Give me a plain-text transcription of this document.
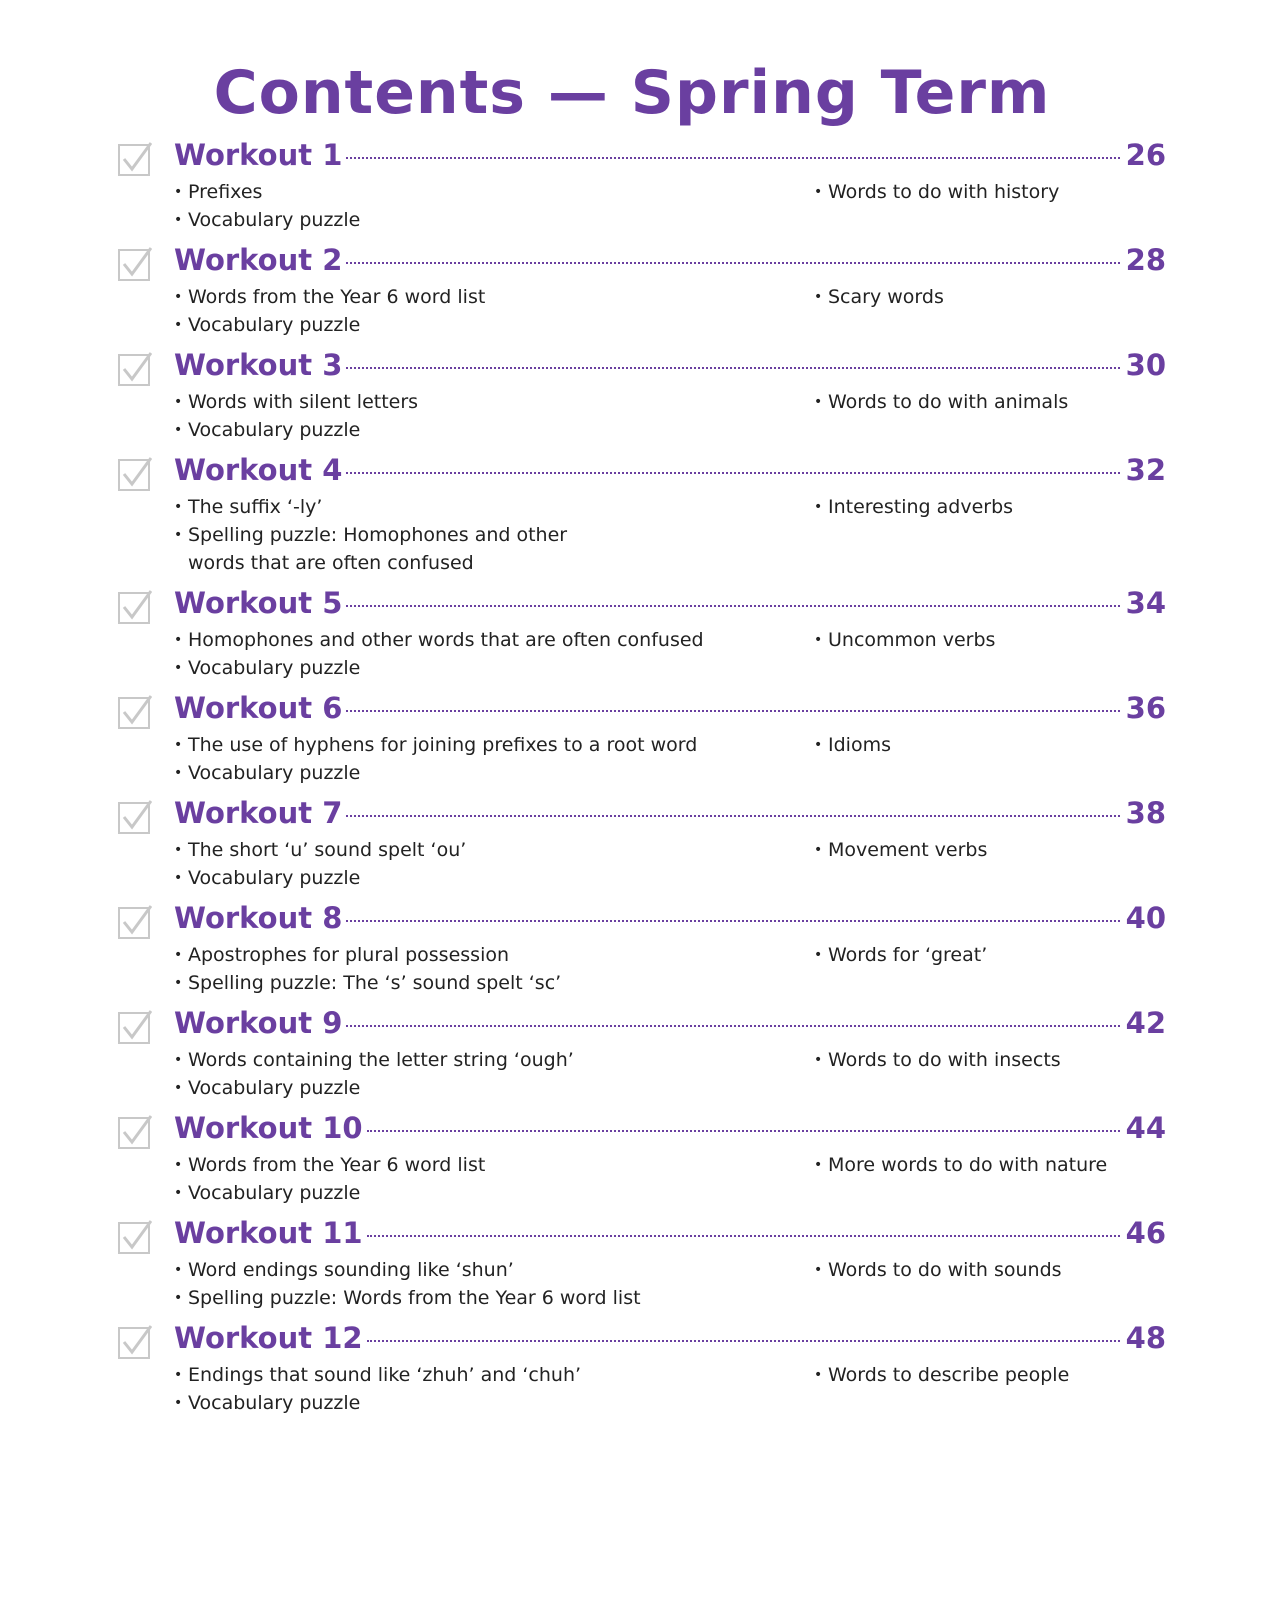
Contents — Spring Term
Workout 1	26
• Prefixes
• Vocabulary puzzle
• Words to do with history
Workout 2	28
• Words from the Year 6 word list
• Vocabulary puzzle
• Scary words
Workout 3	30
• Words with silent letters
• Vocabulary puzzle
• Words to do with animals
Workout 4	32
• The suffix ‘-ly’
• Spelling puzzle: Homophones and other words that are often confused
• Interesting adverbs
Workout 5	34
• Homophones and other words that are often confused
• Vocabulary puzzle
• Uncommon verbs
Workout 6	36
• The use of hyphens for joining prefixes to a root word
• Vocabulary puzzle
• Idioms
Workout 7	38
• The short ‘u’ sound spelt ‘ou’
• Vocabulary puzzle
• Movement verbs
Workout 8	40
• Apostrophes for plural possession
• Spelling puzzle: The ‘s’ sound spelt ‘sc’
• Words for ‘great’
Workout 9	42
• Words containing the letter string ‘ough’
• Vocabulary puzzle
• Words to do with insects
Workout 10	44
• Words from the Year 6 word list
• Vocabulary puzzle
• More words to do with nature
Workout 11	46
• Word endings sounding like ‘shun’
• Spelling puzzle: Words from the Year 6 word list
• Words to do with sounds
Workout 12	48
• Endings that sound like ‘zhuh’ and ‘chuh’
• Vocabulary puzzle
• Words to describe people
